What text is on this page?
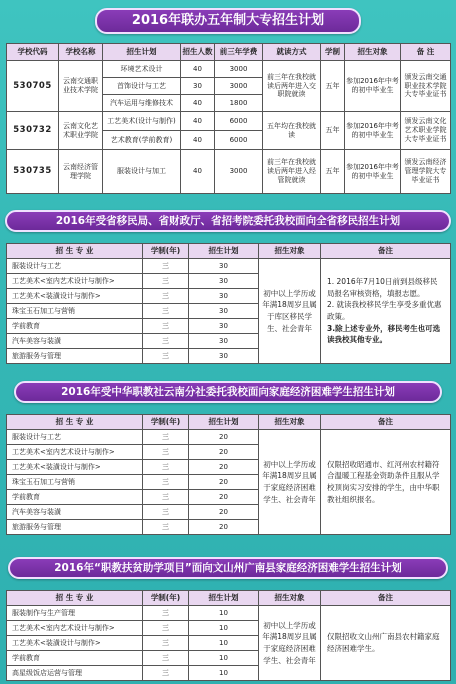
2016年联办五年制大专招生计划
学校代码	学校名称	招生计划	招生人数	前三年学费	就读方式	学制	招生对象	备 注
530705	云南交通职业技术学院	环境艺术设计	40	3000	前三年在我校就读后两年进入交职院就读	五年	参加2016年中考的初中毕业生	颁发云南交通职业技术学院大专毕业证书
		首饰设计与工艺	30	3000				
		汽车运用与维修技术	40	1800				
530732	云南文化艺术职业学院	工艺美术(设计与制作)	40	6000	五年均在我校就读	五年	参加2016年中考的初中毕业生	颁发云南文化艺术职业学院大专毕业证书
		艺术教育(学前教育)	40	6000				
530735	云南经济管理学院	服装设计与加工	40	3000	前三年在我校就读后两年进入经管院就读	五年	参加2016年中考的初中毕业生	颁发云南经济管理学院大专毕业证书
2016年受省移民局、省财政厅、省招考院委托我校面向全省移民招生计划
招 生 专 业	学制(年)	招生计划	招生对象	备注
服装设计与工艺	三	30	初中以上学历或年满18周岁且属于库区移民学生、社会青年	1. 2016年7月10日前到县级移民局报名审核资格，填报志愿。
2. 就读我校移民学生享受多重优惠政策。
3.除上述专业外，移民考生也可选读我校其他专业。

工艺美术<室内艺术设计与制作>	三	30		
工艺美术<装潢设计与制作>	三	30		
珠宝玉石加工与营销	三	30		
学前教育	三	30		
汽车美容与装潢	三	30		
旅游服务与管理	三	30		
2016年受中华职教社云南分社委托我校面向家庭经济困难学生招生计划
招 生 专 业	学制(年)	招生计划	招生对象	备注
服装设计与工艺	三	20	初中以上学历或年满18周岁且属于家庭经济困难学生、社会青年	仅限招收昭通市、红河州农村籍符合温暖工程基金资助条件且服从学校顶岗实习安排的学生，由中华职教社组织报名。
工艺美术<室内艺术设计与制作>	三	20		
工艺美术<装潢设计与制作>	三	20		
珠宝玉石加工与营销	三	20		
学前教育	三	20		
汽车美容与装潢	三	20		
旅游服务与管理	三	20		
2016年“职教扶贫助学项目”面向文山州广南县家庭经济困难学生招生计划
招 生 专 业	学制(年)	招生计划	招生对象	备注
服装制作与生产管理	三	10	初中以上学历或年满18周岁且属于家庭经济困难学生、社会青年	仅限招收文山州广南县农村籍家庭经济困难学生。
工艺美术<室内艺术设计与制作>	三	10		
工艺美术<装潢设计与制作>	三	10		
学前教育	三	10		
高星级饭店运营与管理	三	10		
